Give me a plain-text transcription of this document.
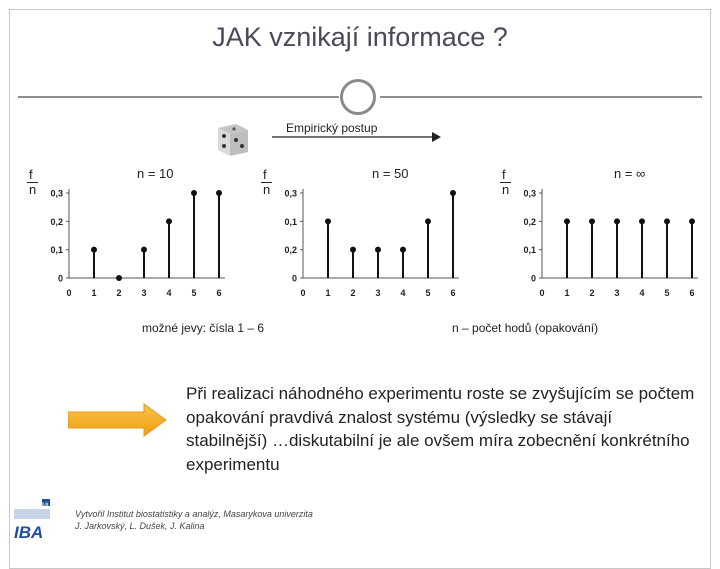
JAK vznikají informace ?
Empirický postup
$\frac{f}{n}$	n = 10
0
0,1
0,2
0,3
0 1 2 3 4 5 6
$\frac{f}{n}$	n = 50
0
0,2
0,1
0,3
0 1 2 3 4 5 6
$\frac{f}{n}$	n = ∞
0
0,1
0,2
0,3
0 1 2 3 4 5 6
možné jevy: čísla 1 – 6	n – počet hodů (opakování)
Při realizaci náhodného experimentu roste se zvyšujícím se počtem opakování pravdivá znalost systému (výsledky se stávají stabilnější) …diskutabilní je ale ovšem míra zobecnění konkrétního experimentu
MU
IBA
Vytvořil Institut biostatistiky a analýz, Masarykova univerzita
J. Jarkovský, L. Dušek, J. Kalina
